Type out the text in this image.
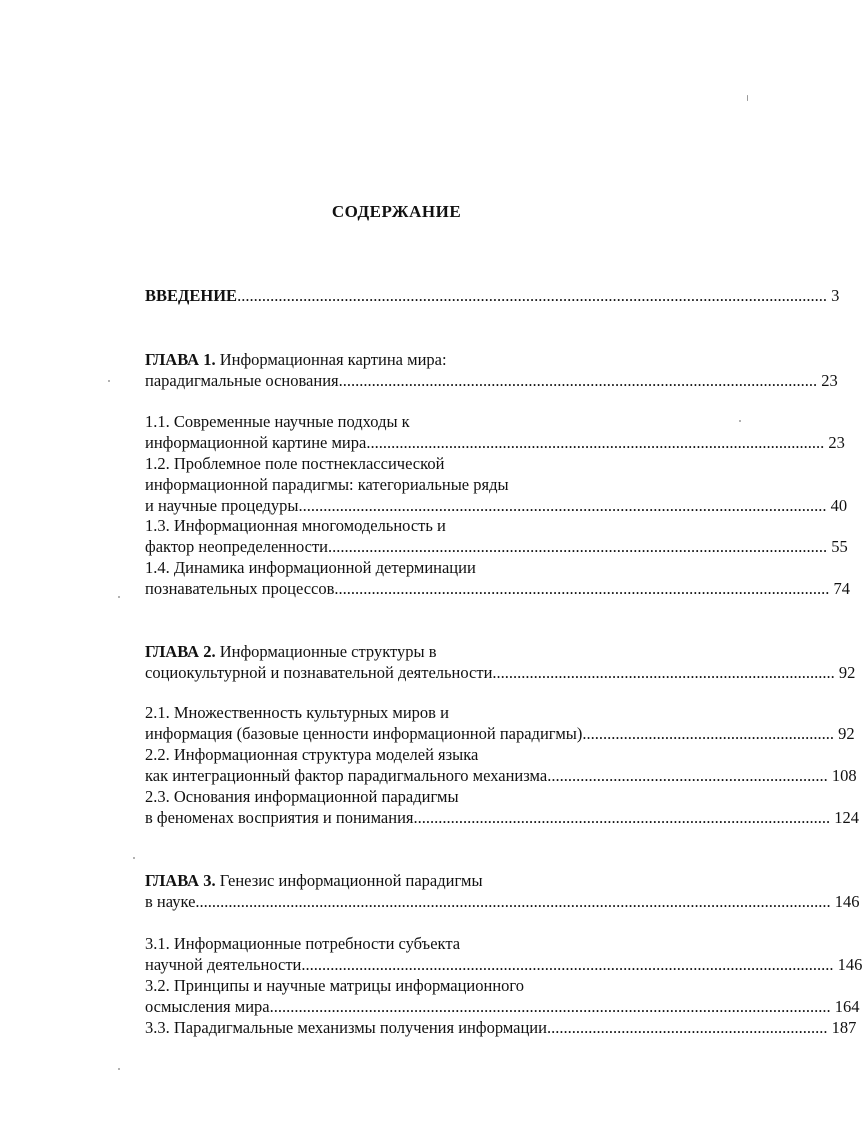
СОДЕРЖАНИЕ
ВВЕДЕНИЕ............................................................................................................................................... 3
ГЛАВА 1. Информационная картина мира:
парадигмальные основания.................................................................................................................... 23
1.1. Современные научные подходы к
информационной картине мира............................................................................................................... 23
1.2. Проблемное поле постнеклассической
информационной парадигмы: категориальные ряды
и научные процедуры................................................................................................................................ 40
1.3. Информационная многомодельность и
фактор неопределенности......................................................................................................................... 55
1.4. Динамика информационной детерминации
познавательных процессов........................................................................................................................ 74
ГЛАВА 2. Информационные структуры в
социокультурной и познавательной деятельности................................................................................... 92
2.1. Множественность культурных миров и
информация (базовые ценности информационной парадигмы)............................................................. 92
2.2. Информационная структура моделей языка
как интеграционный фактор парадигмального механизма.................................................................... 108
2.3. Основания информационной парадигмы
в феноменах восприятия и понимания..................................................................................................... 124
ГЛАВА 3. Генезис информационной парадигмы
в науке.......................................................................................................................................................... 146
3.1. Информационные потребности субъекта
научной деятельности................................................................................................................................. 146
3.2. Принципы и научные матрицы информационного
осмысления мира........................................................................................................................................ 164
3.3. Парадигмальные механизмы получения информации.................................................................... 187
